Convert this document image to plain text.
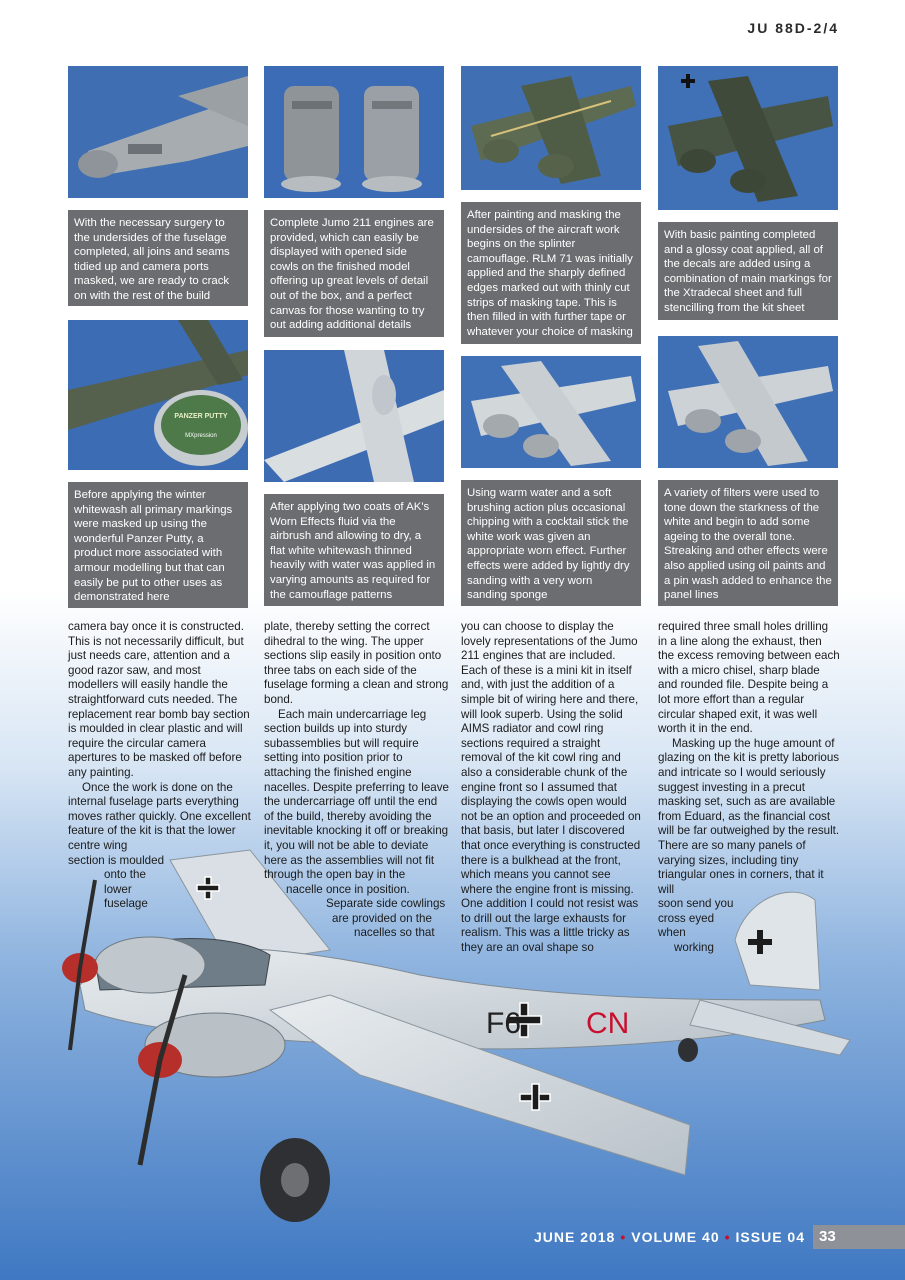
F6 CN
JU 88D-2/4
With the necessary surgery to the undersides of the fuselage completed, all joins and seams tidied up and camera ports masked, we are ready to crack on with the rest of the build
Complete Jumo 211 engines are provided, which can easily be displayed with opened side cowls on the finished model offering up great levels of detail out of the box, and a perfect canvas for those wanting to try out adding additional details
After painting and masking the undersides of the aircraft work begins on the splinter camouflage. RLM 71 was initially applied and the sharply defined edges marked out with thinly cut strips of masking tape. This is then filled in with further tape or whatever your choice of masking
With basic painting completed and a glossy coat applied, all of the decals are added using a combination of main markings for the Xtradecal sheet and full stencilling from the kit sheet
PANZER PUTTY
MXpression
Before applying the winter whitewash all primary markings were masked up using the wonderful Panzer Putty, a product more associated with armour modelling but that can easily be put to other uses as demonstrated here
After applying two coats of AK's Worn Effects fluid via the airbrush and allowing to dry, a flat white whitewash thinned heavily with water was applied in varying amounts as required for the camouflage patterns
Using warm water and a soft brushing action plus occasional chipping with a cocktail stick the white work was given an appropriate worn effect. Further effects were added by lightly dry sanding with a very worn sanding sponge
A variety of filters were used to tone down the starkness of the white and begin to add some ageing to the overall tone. Streaking and other effects were also applied using oil paints and a pin wash added to enhance the panel lines

camera bay once it is constructed. This is not necessarily difficult, but just needs care, attention and a good razor saw, and most modellers will easily handle the straightforward cuts needed. The replacement rear bomb bay section is moulded in clear plastic and will require the circular camera apertures to be masked off before any painting.

Once the work is done on the internal fuselage parts everything moves rather quickly. One excellent feature of the kit is that the lower centre wing

section is moulded
onto the
lower
fuselage

plate, thereby setting the correct dihedral to the wing. The upper sections slip easily in position onto three tabs on each side of the fuselage forming a clean and strong bond.

Each main undercarriage leg section builds up into sturdy subassemblies but will require setting into position prior to attaching the finished engine nacelles. Despite preferring to leave the undercarriage off until the end of the build, thereby avoiding the inevitable knocking it off or breaking it, you will not be able to deviate here as the assemblies will not fit through the open bay in the

nacelle once in position.
Separate side cowlings
are provided on the
nacelles so that

you can choose to display the lovely representations of the Jumo 211 engines that are included. Each of these is a mini kit in itself and, with just the addition of a simple bit of wiring here and there, will look superb. Using the solid AIMS radiator and cowl ring sections required a straight removal of the kit cowl ring and also a considerable chunk of the engine front so I assumed that displaying the cowls open would not be an option and proceeded on that basis, but later I discovered that once everything is constructed there is a bulkhead at the front, which means you cannot see where the engine front is missing. One addition I could not resist was to drill out the large exhausts for realism. This was a little tricky as they are an oval shape so

required three small holes drilling in a line along the exhaust, then the excess removing between each with a micro chisel, sharp blade and rounded file. Despite being a lot more effort than a regular circular shaped exit, it was well worth it in the end.

Masking up the huge amount of glazing on the kit is pretty laborious and intricate so I would seriously suggest investing in a precut masking set, such as are available from Eduard, as the financial cost will be far outweighed by the result. There are so many panels of varying sizes, including tiny triangular ones in corners, that it will

soon send you
cross eyed
when
working
JUNE 2018 • VOLUME 40 • ISSUE 04 33
